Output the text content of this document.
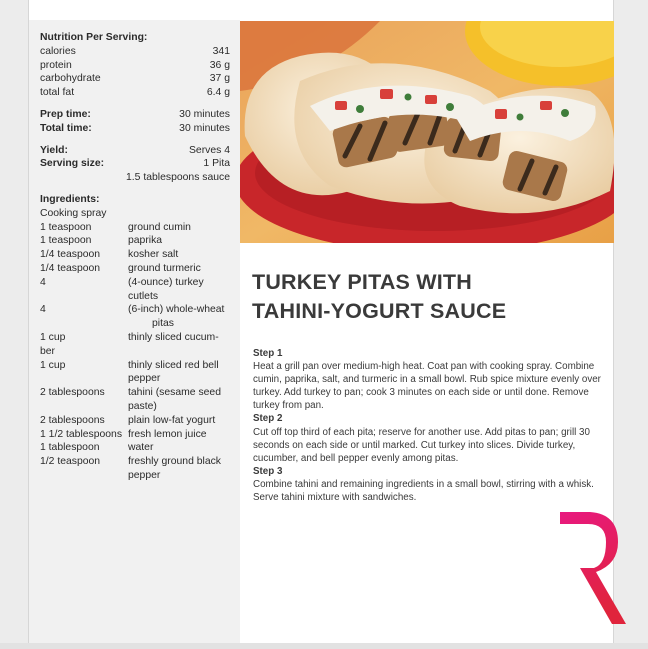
Nutrition Per Serving:
calories	341
protein	36 g
carbohydrate	37 g
total fat	6.4 g
Prep time:	30 minutes
Total time:	30 minutes
Yield:	Serves 4
Serving size:	1 Pita
1.5 tablespoons sauce
Ingredients:
Cooking spray
1 teaspoon	ground cumin
1 teaspoon	paprika
1/4 teaspoon	kosher salt
1/4 teaspoon	ground turmeric
4	(4-ounce) turkey
cutlets
4	(6-inch) whole-wheat
pitas
1 cup	thinly sliced cucum-
ber
1 cup	thinly sliced red bell
pepper
2 tablespoons	tahini (sesame seed
paste)
2 tablespoons	plain low-fat yogurt
1 1/2 tablespoons fresh lemon juice
1 tablespoon	water
1/2 teaspoon	freshly ground black
pepper
TURKEY PITAS WITH
TAHINI-YOGURT SAUCE
Step 1
Heat a grill pan over medium-high heat. Coat pan with cooking spray. Combine cumin, paprika, salt, and turmeric in a small bowl. Rub spice mixture evenly over turkey. Add turkey to pan; cook 3 minutes on each side or until done. Remove turkey from pan.
Step 2
Cut off top third of each pita; reserve for another use. Add pitas to pan; grill 30 seconds on each side or until marked. Cut turkey into slices. Divide turkey, cucumber, and bell pepper evenly among pitas.
Step 3
Combine tahini and remaining ingredients in a small bowl, stirring with a whisk. Serve tahini mixture with sandwiches.
